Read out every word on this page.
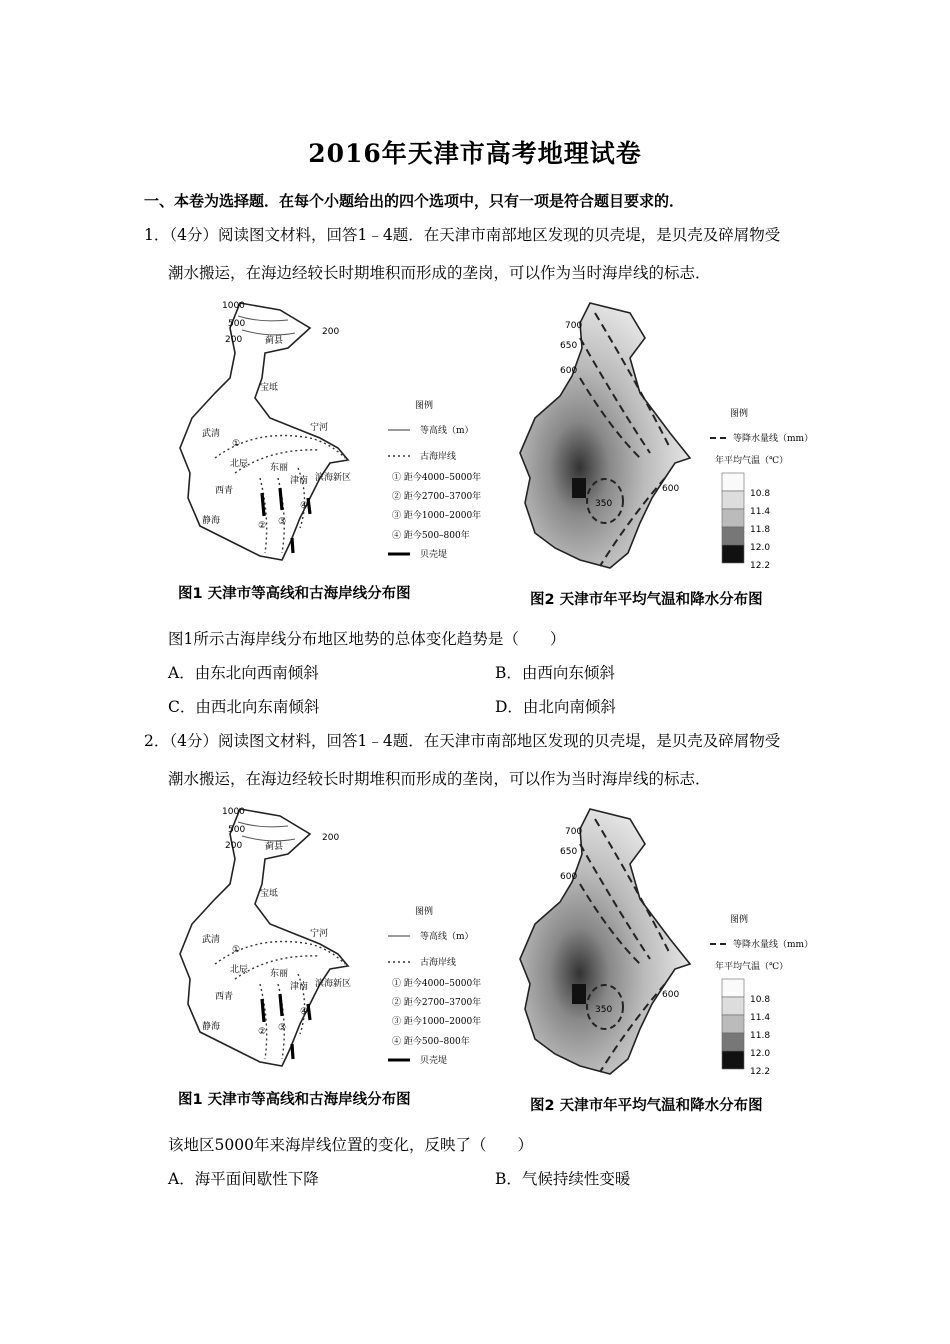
2016年天津市高考地理试卷
一、本卷为选择题．在每个小题给出的四个选项中，只有一项是符合题目要求的．
1．（4分）阅读图文材料，回答1﹣4题．在天津市南部地区发现的贝壳堤，是贝壳及碎屑物受
潮水搬运，在海边经较长时期堆积而形成的垄岗，可以作为当时海岸线的标志．
1000
500
200
200
蓟县
宝坻
武清
北辰
宁河
西青
东丽
津南 滨海新区
静海
①
② ③
④
图例
等高线（m）
古海岸线
① 距今4000–5000年
② 距今2700–3700年
③ 距今1000–2000年
④ 距今500–800年
贝壳堤
700
650
600
350
600
图例
等降水量线（mm）
年平均气温（℃）
10.8
11.4
11.8
12.0
12.2
图1 天津市等高线和古海岸线分布图	图2 天津市年平均气温和降水分布图
图1所示古海岸线分布地区地势的总体变化趋势是（　　）
A．由东北向西南倾斜	B．由西向东倾斜
C．由西北向东南倾斜	D．由北向南倾斜
2．（4分）阅读图文材料，回答1﹣4题．在天津市南部地区发现的贝壳堤，是贝壳及碎屑物受
潮水搬运，在海边经较长时期堆积而形成的垄岗，可以作为当时海岸线的标志．
1000
500
200
200
蓟县
宝坻
武清
北辰
宁河
西青
东丽
津南 滨海新区
静海
①
② ③
④
图例
等高线（m）
古海岸线
① 距今4000–5000年
② 距今2700–3700年
③ 距今1000–2000年
④ 距今500–800年
贝壳堤
700
650
600
350
600
图例
等降水量线（mm）
年平均气温（℃）
10.8
11.4
11.8
12.0
12.2
图1 天津市等高线和古海岸线分布图	图2 天津市年平均气温和降水分布图
该地区5000年来海岸线位置的变化，反映了（　　）
A．海平面间歇性下降	B．气候持续性变暖
